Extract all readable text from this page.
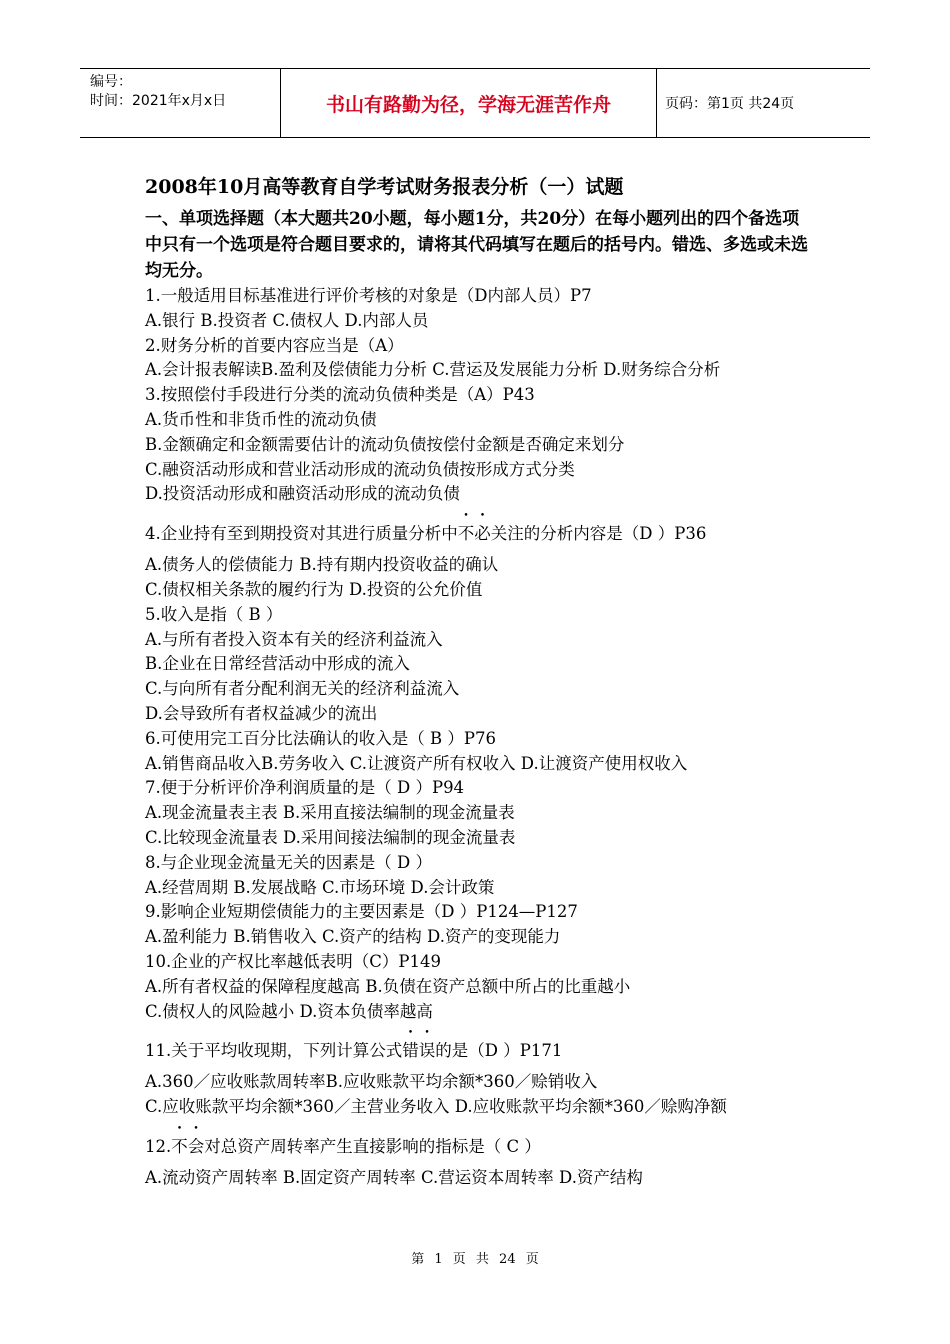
编号：
时间：2021年x月x日	书山有路勤为径，学海无涯苦作舟	页码：第1页 共24页
2008年10月高等教育自学考试财务报表分析（一）试题
一、单项选择题（本大题共20小题，每小题1分，共20分）在每小题列出的四个备选项中只有一个选项是符合题目要求的，请将其代码填写在题后的括号内。错选、多选或未选均无分。
1.一般适用目标基准进行评价考核的对象是（D内部人员）P7
A.银行 B.投资者 C.债权人 D.内部人员
2.财务分析的首要内容应当是（A）
A.会计报表解读B.盈利及偿债能力分析 C.营运及发展能力分析 D.财务综合分析
3.按照偿付手段进行分类的流动负债种类是（A）P43
A.货币性和非货币性的流动负债
B.金额确定和金额需要估计的流动负债按偿付金额是否确定来划分
C.融资活动形成和营业活动形成的流动负债按形成方式分类
D.投资活动形成和融资活动形成的流动负债
4.企业持有至到期投资对其进行质量分析中不必关注的分析内容是（D ）P36
A.债务人的偿债能力 B.持有期内投资收益的确认
C.债权相关条款的履约行为 D.投资的公允价值
5.收入是指（ B ）
A.与所有者投入资本有关的经济利益流入
B.企业在日常经营活动中形成的流入
C.与向所有者分配利润无关的经济利益流入
D.会导致所有者权益减少的流出
6.可使用完工百分比法确认的收入是（ B ）P76
A.销售商品收入B.劳务收入 C.让渡资产所有权收入 D.让渡资产使用权收入
7.便于分析评价净利润质量的是（ D ）P94
A.现金流量表主表 B.采用直接法编制的现金流量表
C.比较现金流量表 D.采用间接法编制的现金流量表
8.与企业现金流量无关的因素是（ D ）
A.经营周期 B.发展战略 C.市场环境 D.会计政策
9.影响企业短期偿债能力的主要因素是（D ）P124—P127
A.盈利能力 B.销售收入 C.资产的结构 D.资产的变现能力
10.企业的产权比率越低表明（C）P149
A.所有者权益的保障程度越高 B.负债在资产总额中所占的比重越小
C.债权人的风险越小 D.资本负债率越高
11.关于平均收现期，下列计算公式错误的是（D ）P171
A.360／应收账款周转率B.应收账款平均余额*360／赊销收入
C.应收账款平均余额*360／主营业务收入 D.应收账款平均余额*360／赊购净额
12.不会对总资产周转率产生直接影响的指标是（ C ）
A.流动资产周转率 B.固定资产周转率 C.营运资本周转率 D.资产结构
第 1 页 共 24 页
